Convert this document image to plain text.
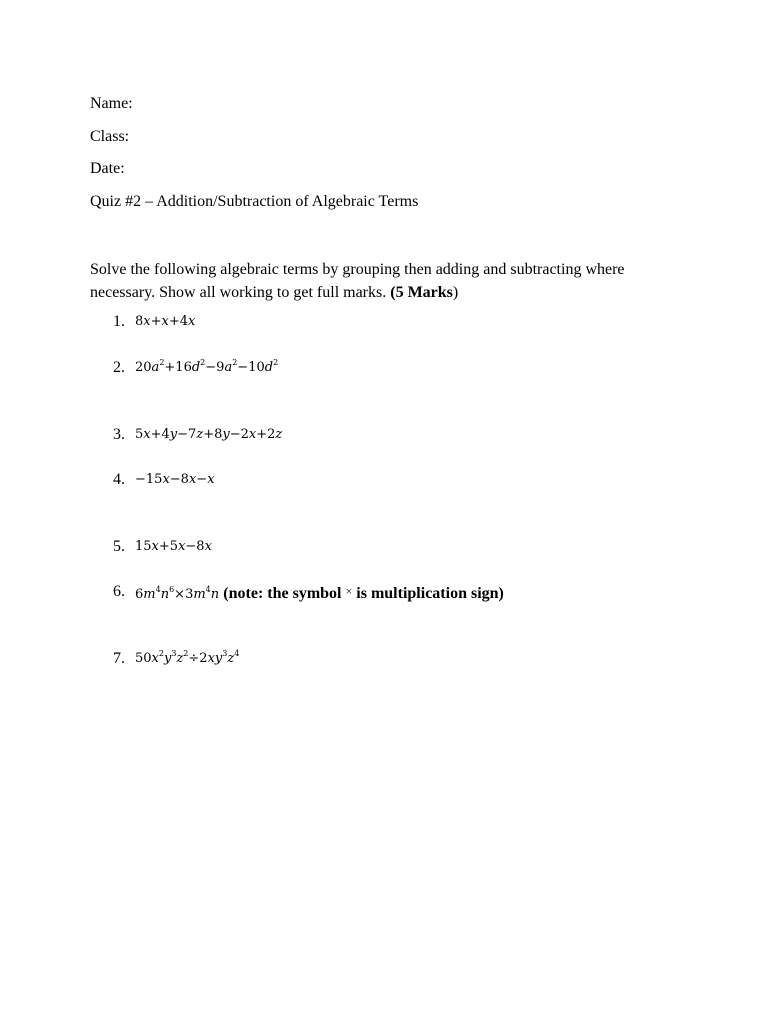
Name:
Class:
Date:
Quiz #2 – Addition/Subtraction of Algebraic Terms
Solve the following algebraic terms by grouping then adding and subtracting where necessary. Show all working to get full marks. (5 Marks)
1. 8x+x+4x
2. $20a^2+16d^2-9a^2-10d^2$
3. 5x+4y−7z+8y−2x+2z
4. −15x−8x−x
5. 15x+5x−8x
6. $6m^4n^6\times 3m^4n$ (note: the symbol × is multiplication sign)
7. $50x^2y^3z^2\div 2xy^3z^4$
